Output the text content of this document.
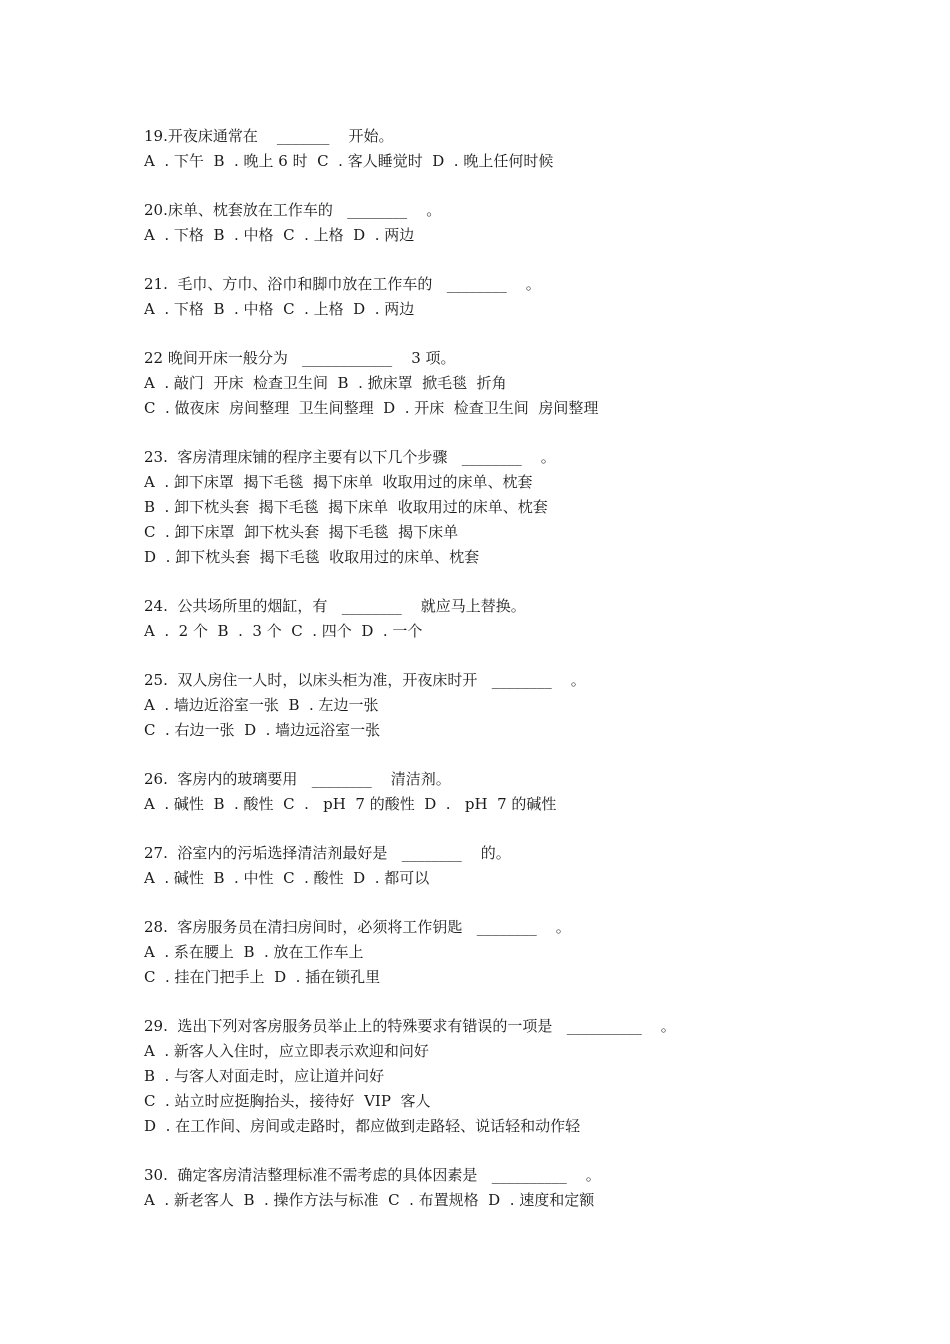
19.开夜床通常在    _______    开始。
A  . 下午  B  . 晚上 6 时  C  . 客人睡觉时  D  . 晚上任何时候
20.床单、枕套放在工作车的   ________    。
A  . 下格  B  . 中格  C  . 上格  D  . 两边
21.  毛巾、方巾、浴巾和脚巾放在工作车的   ________    。
A  . 下格  B  . 中格  C  . 上格  D  . 两边
22 晚间开床一般分为   ____________    3 项。
A  . 敲门  开床  检查卫生间  B  . 掀床罩  掀毛毯  折角
C  . 做夜床  房间整理  卫生间整理  D  . 开床  检查卫生间  房间整理
23.  客房清理床铺的程序主要有以下几个步骤   ________    。
A  . 卸下床罩  揭下毛毯  揭下床单  收取用过的床单、枕套
B  . 卸下枕头套  揭下毛毯  揭下床单  收取用过的床单、枕套
C  . 卸下床罩  卸下枕头套  揭下毛毯  揭下床单
D  . 卸下枕头套  揭下毛毯  收取用过的床单、枕套
24.  公共场所里的烟缸，有   ________    就应马上替换。
A  .  2 个  B  .  3 个  C  . 四个  D  . 一个
25.  双人房住一人时，以床头柜为准，开夜床时开   ________    。
A  . 墙边近浴室一张  B  . 左边一张
C  . 右边一张  D  . 墙边远浴室一张
26.  客房内的玻璃要用   ________    清洁剂。
A  . 碱性  B  . 酸性  C  .   pH  7 的酸性  D  .   pH  7 的碱性
27.  浴室内的污垢选择清洁剂最好是   ________    的。
A  . 碱性  B  . 中性  C  . 酸性  D  . 都可以
28.  客房服务员在清扫房间时，必须将工作钥匙   ________    。
A  . 系在腰上  B  . 放在工作车上
C  . 挂在门把手上  D  . 插在锁孔里
29.  选出下列对客房服务员举止上的特殊要求有错误的一项是   __________    。
A  . 新客人入住时，应立即表示欢迎和问好
B  . 与客人对面走时，应让道并问好
C  . 站立时应挺胸抬头，接待好  VIP  客人
D  . 在工作间、房间或走路时，都应做到走路轻、说话轻和动作轻
30.  确定客房清洁整理标准不需考虑的具体因素是   __________    。
A  . 新老客人  B  . 操作方法与标准  C  . 布置规格  D  . 速度和定额
